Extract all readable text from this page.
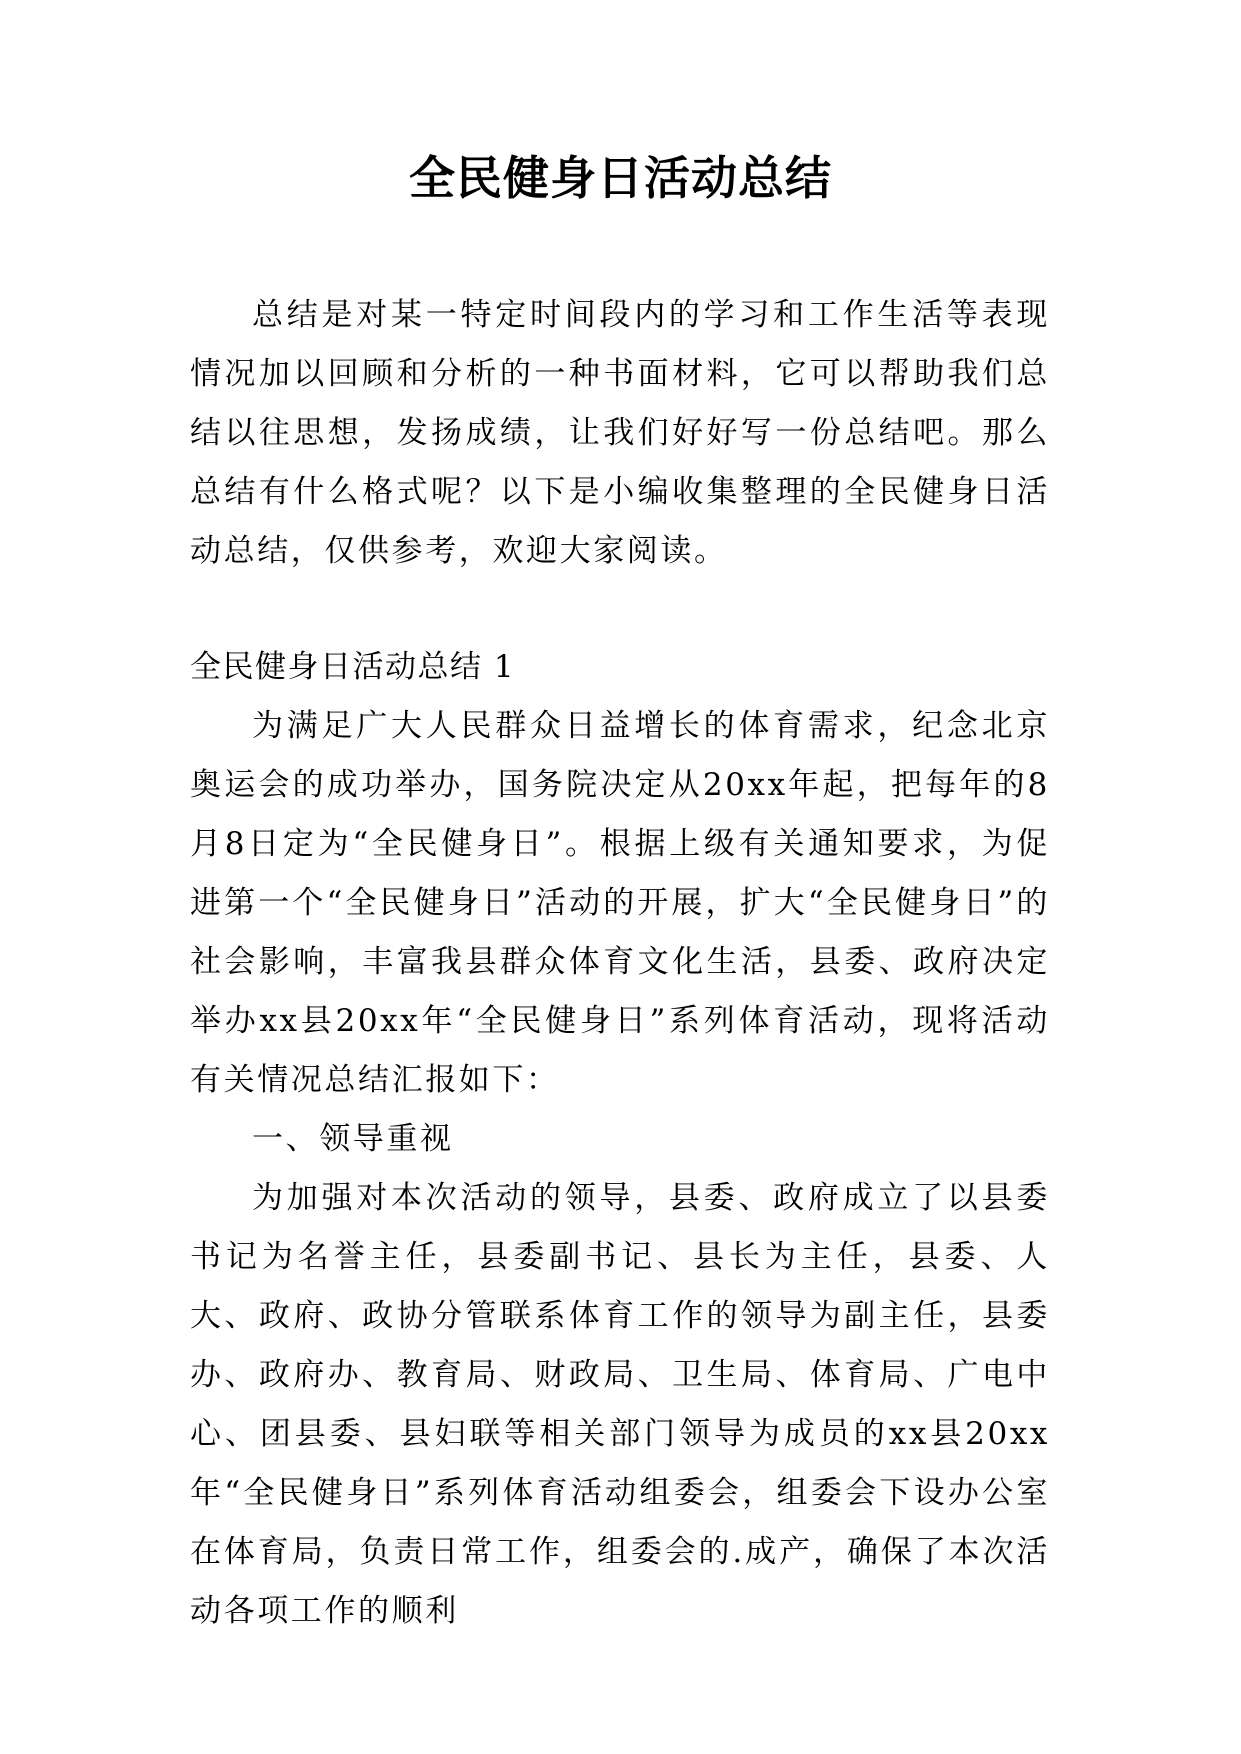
全民健身日活动总结

总结是对某一特定时间段内的学习和工作生活等表现情况加以回顾和分析的一种书面材料，它可以帮助我们总结以往思想，发扬成绩，让我们好好写一份总结吧。那么总结有什么格式呢？以下是小编收集整理的全民健身日活动总结，仅供参考，欢迎大家阅读。

全民健身日活动总结 1

为满足广大人民群众日益增长的体育需求，纪念北京奥运会的成功举办，国务院决定从20xx年起，把每年的8月8日定为“全民健身日”。根据上级有关通知要求，为促进第一个“全民健身日”活动的开展，扩大“全民健身日”的社会影响，丰富我县群众体育文化生活，县委、政府决定举办xx县20xx年“全民健身日”系列体育活动，现将活动有关情况总结汇报如下：

一、领导重视

为加强对本次活动的领导，县委、政府成立了以县委书记为名誉主任，县委副书记、县长为主任，县委、人大、政府、政协分管联系体育工作的领导为副主任，县委办、政府办、教育局、财政局、卫生局、体育局、广电中心、团县委、县妇联等相关部门领导为成员的xx县20xx年“全民健身日”系列体育活动组委会，组委会下设办公室在体育局，负责日常工作，组委会的.成产，确保了本次活动各项工作的顺利
